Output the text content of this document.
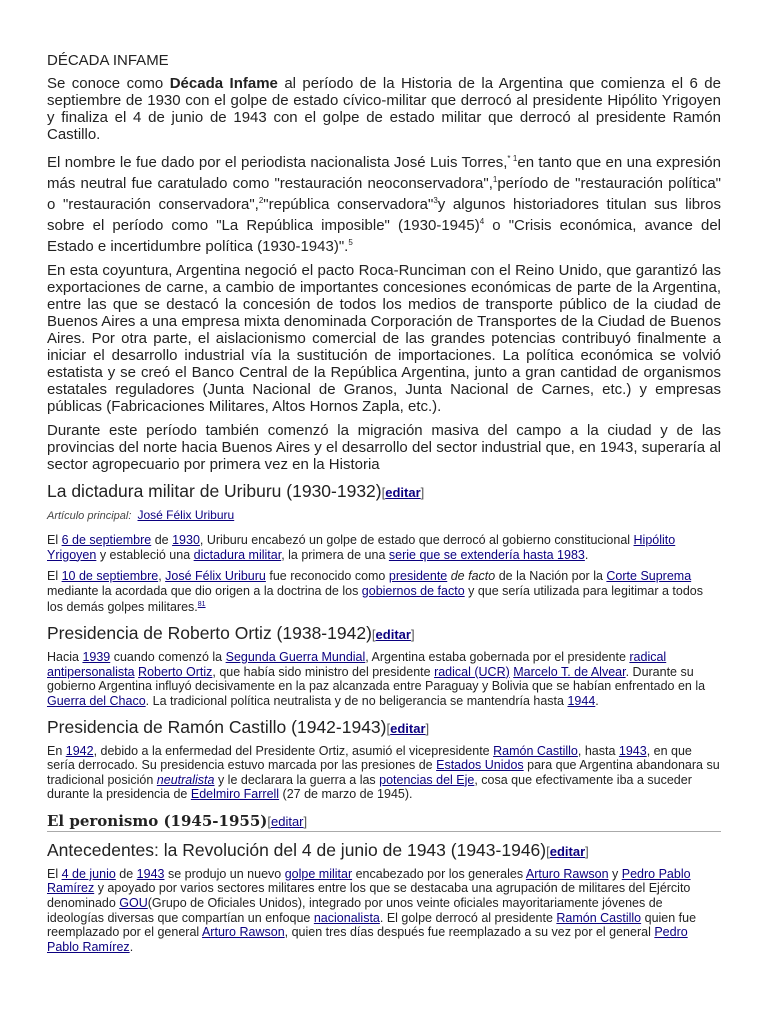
DÉCADA INFAME

Se conoce como Década Infame al período de la Historia de la Argentina que comienza el 6 de septiembre de 1930 con el golpe de estado cívico-militar que derrocó al presidente Hipólito Yrigoyen y finaliza el 4 de junio de 1943 con el golpe de estado militar que derrocó al presidente Ramón Castillo.

El nombre le fue dado por el periodista nacionalista José Luis Torres,$^{* 1}$en tanto que en una expresión más neutral fue caratulado como "restauración neoconservadora",$^1$período de "restauración política" o "restauración conservadora",$^2$"república conservadora"$^3$y algunos historiadores titulan sus libros sobre el período como "La República imposible" (1930-1945)$^4$ o "Crisis económica, avance del Estado e incertidumbre política (1930-1943)".$^5$

En esta coyuntura, Argentina negoció el pacto Roca-Runciman con el Reino Unido, que garantizó las exportaciones de carne, a cambio de importantes concesiones económicas de parte de la Argentina, entre las que se destacó la concesión de todos los medios de transporte público de la ciudad de Buenos Aires a una empresa mixta denominada Corporación de Transportes de la Ciudad de Buenos Aires. Por otra parte, el aislacionismo comercial de las grandes potencias contribuyó finalmente a iniciar el desarrollo industrial vía la sustitución de importaciones. La política económica se volvió estatista y se creó el Banco Central de la República Argentina, junto a gran cantidad de organismos estatales reguladores (Junta Nacional de Granos, Junta Nacional de Carnes, etc.) y empresas públicas (Fabricaciones Militares, Altos Hornos Zapla, etc.).

Durante este período también comenzó la migración masiva del campo a la ciudad y de las provincias del norte hacia Buenos Aires y el desarrollo del sector industrial que, en 1943, superaría al sector agropecuario por primera vez en la Historia

La dictadura militar de Uriburu (1930-1932)[editar]
Artículo principal: José Félix Uriburu

El 6 de septiembre de 1930, Uriburu encabezó un golpe de estado que derrocó al gobierno constitucional Hipólito Yrigoyen y estableció una dictadura militar, la primera de una serie que se extendería hasta 1983.

El 10 de septiembre, José Félix Uriburu fue reconocido como presidente de facto de la Nación por la Corte Suprema mediante la acordada que dio origen a la doctrina de los gobiernos de facto y que sería utilizada para legitimar a todos los demás golpes militares.$^{81}$

Presidencia de Roberto Ortiz (1938-1942)[editar]

Hacia 1939 cuando comenzó la Segunda Guerra Mundial, Argentina estaba gobernada por el presidente radical antipersonalista Roberto Ortiz, que había sido ministro del presidente radical (UCR) Marcelo T. de Alvear. Durante su gobierno Argentina influyó decisivamente en la paz alcanzada entre Paraguay y Bolivia que se habían enfrentado en la Guerra del Chaco. La tradicional política neutralista y de no beligerancia se mantendría hasta 1944.

Presidencia de Ramón Castillo (1942-1943)[editar]

En 1942, debido a la enfermedad del Presidente Ortiz, asumió el vicepresidente Ramón Castillo, hasta 1943, en que sería derrocado. Su presidencia estuvo marcada por las presiones de Estados Unidos para que Argentina abandonara su tradicional posición neutralista y le declarara la guerra a las potencias del Eje, cosa que efectivamente iba a suceder durante la presidencia de Edelmiro Farrell (27 de marzo de 1945).

El peronismo (1945-1955)[editar]
Antecedentes: la Revolución del 4 de junio de 1943 (1943-1946)[editar]

El 4 de junio de 1943 se produjo un nuevo golpe militar encabezado por los generales Arturo Rawson y Pedro Pablo Ramírez y apoyado por varios sectores militares entre los que se destacaba una agrupación de militares del Ejército denominado GOU(Grupo de Oficiales Unidos), integrado por unos veinte oficiales mayoritariamente jóvenes de ideologías diversas que compartían un enfoque nacionalista. El golpe derrocó al presidente Ramón Castillo quien fue reemplazado por el general Arturo Rawson, quien tres días después fue reemplazado a su vez por el general Pedro Pablo Ramírez.
